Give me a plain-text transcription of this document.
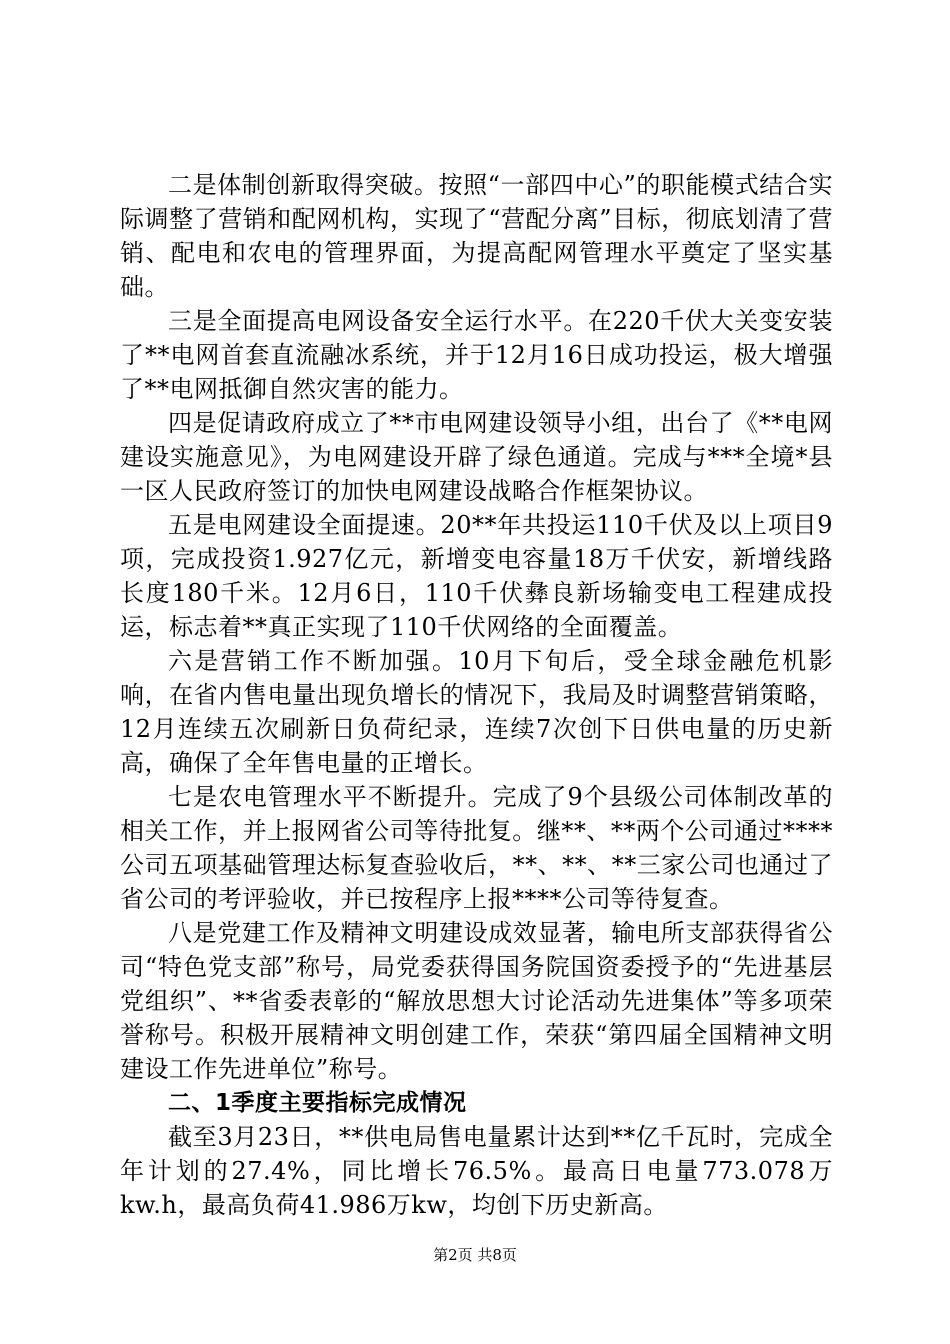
二是体制创新取得突破。按照“一部四中心”的职能模式结合实际调整了营销和配网机构，实现了“营配分离”目标，彻底划清了营销、配电和农电的管理界面，为提高配网管理水平奠定了坚实基础。

三是全面提高电网设备安全运行水平。在220千伏大关变安装了**电网首套直流融冰系统，并于12月16日成功投运，极大增强了**电网抵御自然灾害的能力。

四是促请政府成立了**市电网建设领导小组，出台了《**电网建设实施意见》，为电网建设开辟了绿色通道。完成与***全境*县一区人民政府签订的加快电网建设战略合作框架协议。

五是电网建设全面提速。20**年共投运110千伏及以上项目9项，完成投资1.927亿元，新增变电容量18万千伏安，新增线路长度180千米。12月6日，110千伏彝良新场输变电工程建成投运，标志着**真正实现了110千伏网络的全面覆盖。

六是营销工作不断加强。10月下旬后，受全球金融危机影响，在省内售电量出现负增长的情况下，我局及时调整营销策略，12月连续五次刷新日负荷纪录，连续7次创下日供电量的历史新高，确保了全年售电量的正增长。

七是农电管理水平不断提升。完成了9个县级公司体制改革的相关工作，并上报网省公司等待批复。继**、**两个公司通过****公司五项基础管理达标复查验收后，**、**、**三家公司也通过了省公司的考评验收，并已按程序上报****公司等待复查。

八是党建工作及精神文明建设成效显著，输电所支部获得省公司“特色党支部”称号，局党委获得国务院国资委授予的“先进基层党组织”、**省委表彰的“解放思想大讨论活动先进集体”等多项荣誉称号。积极开展精神文明创建工作，荣获“第四届全国精神文明建设工作先进单位”称号。

二、1季度主要指标完成情况

截至3月23日，**供电局售电量累计达到**亿千瓦时，完成全年计划的27.4%，同比增长76.5%。最高日电量773.078万kw.h，最高负荷41.986万kw，均创下历史新高。

第2页 共8页
